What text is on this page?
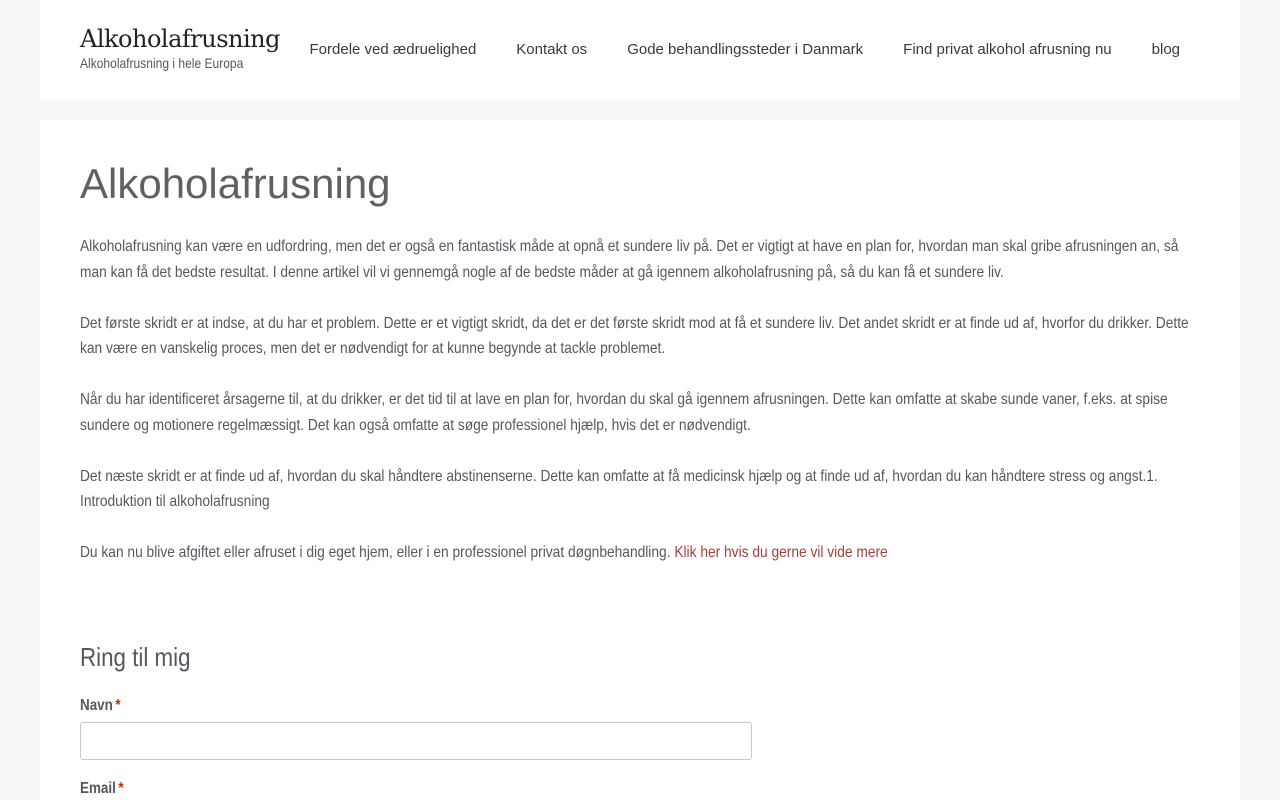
Alkoholafrusning
Alkoholafrusning i hele Europa
Fordele ved ædruelighed	Kontakt os	Gode behandlingssteder i Danmark	Find privat alkohol afrusning nu	blog
Alkoholafrusning

Alkoholafrusning kan være en udfordring, men det er også en fantastisk måde at opnå et sundere liv på. Det er vigtigt at have en plan for, hvordan man skal gribe afrusningen an, så man kan få det bedste resultat. I denne artikel vil vi gennemgå nogle af de bedste måder at gå igennem alkoholafrusning på, så du kan få et sundere liv.

Det første skridt er at indse, at du har et problem. Dette er et vigtigt skridt, da det er det første skridt mod at få et sundere liv. Det andet skridt er at finde ud af, hvorfor du drikker. Dette kan være en vanskelig proces, men det er nødvendigt for at kunne begynde at tackle problemet.

Når du har identificeret årsagerne til, at du drikker, er det tid til at lave en plan for, hvordan du skal gå igennem afrusningen. Dette kan omfatte at skabe sunde vaner, f.eks. at spise sundere og motionere regelmæssigt. Det kan også omfatte at søge professionel hjælp, hvis det er nødvendigt.

Det næste skridt er at finde ud af, hvordan du skal håndtere abstinenserne. Dette kan omfatte at få medicinsk hjælp og at finde ud af, hvordan du kan håndtere stress og angst.1. Introduktion til alkoholafrusning

Du kan nu blive afgiftet eller afruset i dig eget hjem, eller i en professionel privat døgnbehandling. Klik her hvis du gerne vil vide mere

Ring til mig
Navn *
Email *
